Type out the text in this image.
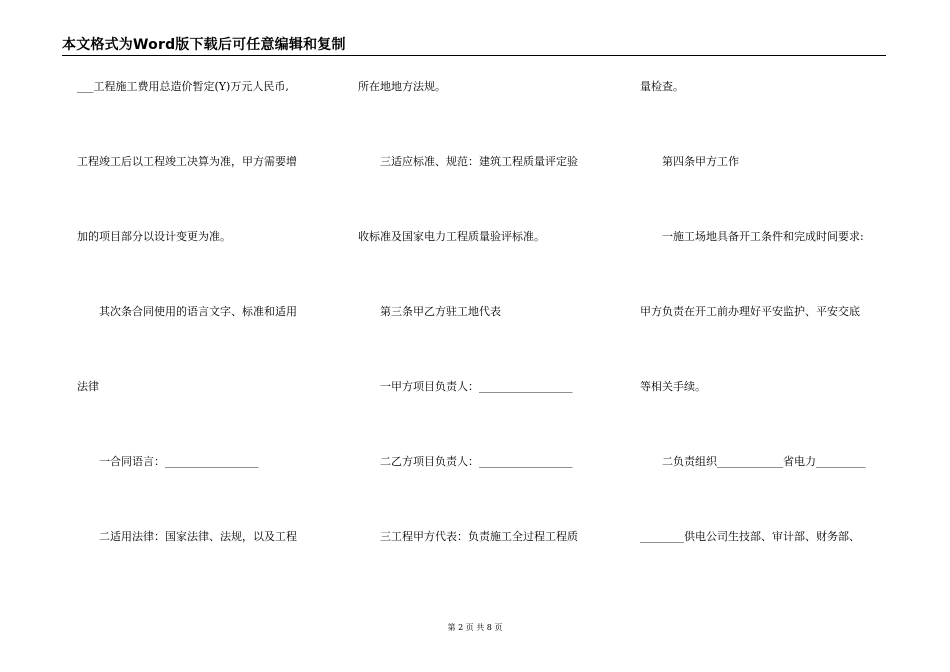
本文格式为Word版下载后可任意编辑和复制
___工程施工费用总造价暂定(Y)万元人民币,
工程竣工后以工程竣工决算为准，甲方需要增
加的项目部分以设计变更为准。
　　其次条合同使用的语言文字、标准和适用
法律
　　一合同语言：_________________
　　二适用法律：国家法律、法规，以及工程
所在地地方法规。
　　三适应标准、规范：建筑工程质量评定验
收标准及国家电力工程质量验评标准。
　　第三条甲乙方驻工地代表
　　一甲方项目负责人：_________________
　　二乙方项目负责人：_________________
　　三工程甲方代表：负责施工全过程工程质
量检查。
　　第四条甲方工作
　　一施工场地具备开工条件和完成时间要求:
甲方负责在开工前办理好平安监护、平安交底
等相关手续。
　　二负责组织____________省电力_________
________供电公司生技部、审计部、财务部、
第 2 页 共 8 页
